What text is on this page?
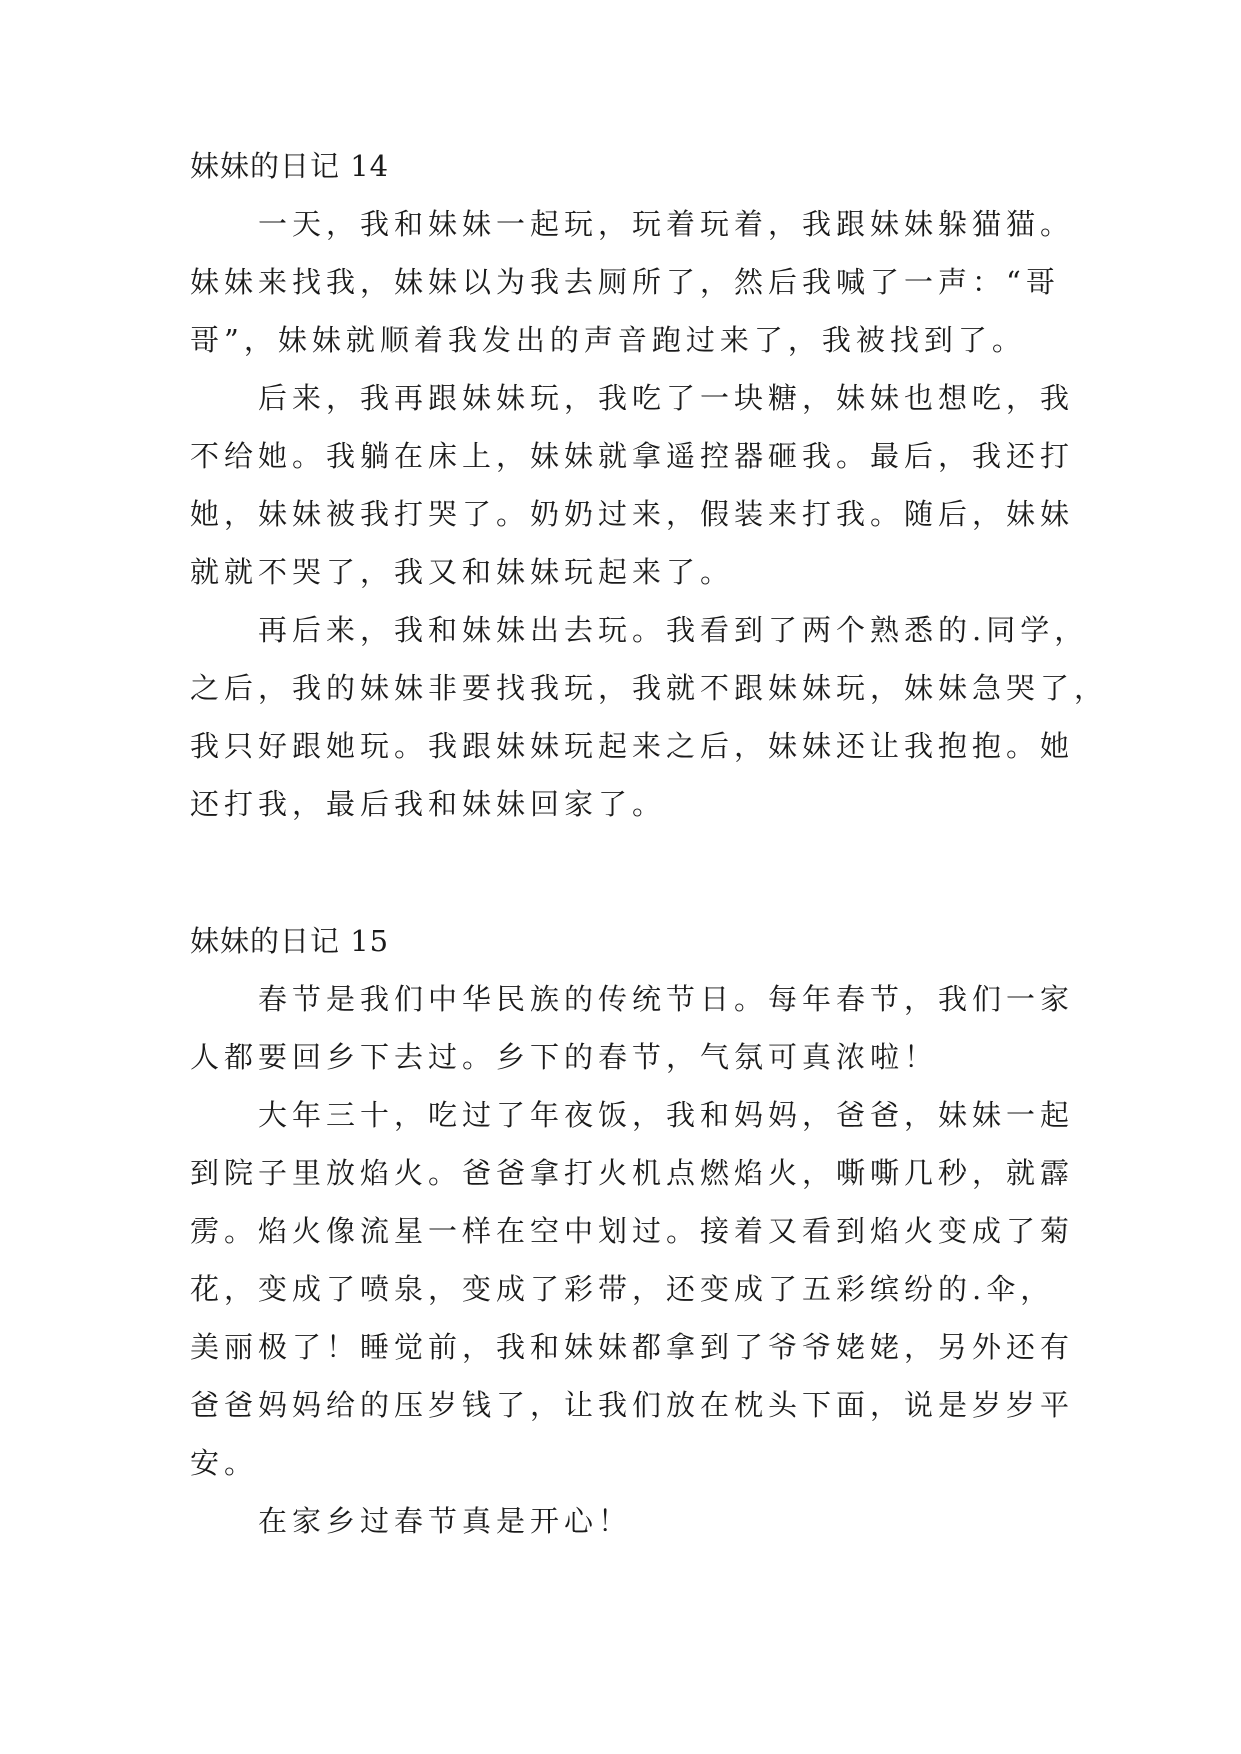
妹妹的日记 14
一天，我和妹妹一起玩，玩着玩着，我跟妹妹躲猫猫。
妹妹来找我，妹妹以为我去厕所了，然后我喊了一声：“哥
哥”，妹妹就顺着我发出的声音跑过来了，我被找到了。
后来，我再跟妹妹玩，我吃了一块糖，妹妹也想吃，我
不给她。我躺在床上，妹妹就拿遥控器砸我。最后，我还打
她，妹妹被我打哭了。奶奶过来，假装来打我。随后，妹妹
就就不哭了，我又和妹妹玩起来了。
再后来，我和妹妹出去玩。我看到了两个熟悉的.同学，
之后，我的妹妹非要找我玩，我就不跟妹妹玩，妹妹急哭了，
我只好跟她玩。我跟妹妹玩起来之后，妹妹还让我抱抱。她
还打我，最后我和妹妹回家了。
妹妹的日记 15
春节是我们中华民族的传统节日。每年春节，我们一家
人都要回乡下去过。乡下的春节，气氛可真浓啦！
大年三十，吃过了年夜饭，我和妈妈，爸爸，妹妹一起
到院子里放焰火。爸爸拿打火机点燃焰火，嘶嘶几秒，就霹
雳。焰火像流星一样在空中划过。接着又看到焰火变成了菊
花，变成了喷泉，变成了彩带，还变成了五彩缤纷的.伞，
美丽极了！睡觉前，我和妹妹都拿到了爷爷姥姥，另外还有
爸爸妈妈给的压岁钱了，让我们放在枕头下面，说是岁岁平
安。
在家乡过春节真是开心！
